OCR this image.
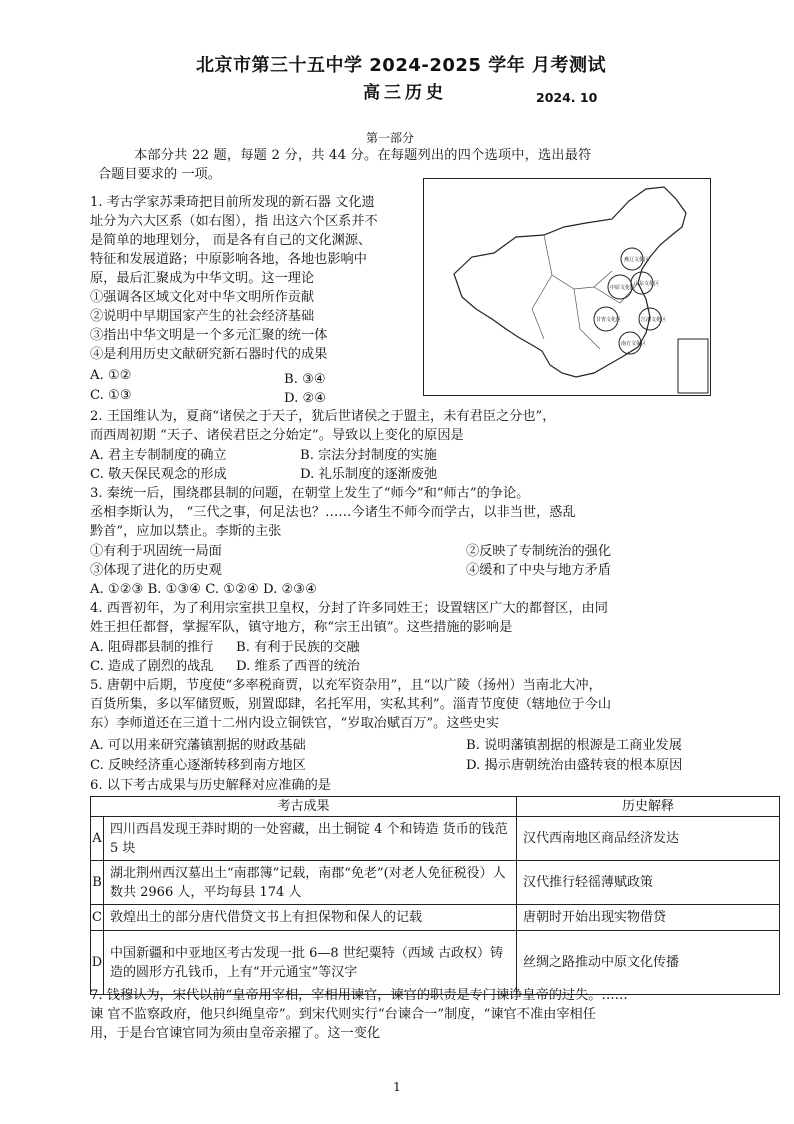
北京市第三十五中学 2024-2025 学年 月考测试
高三历史	2024. 10
第一部分
本部分共 22 题，每题 2 分，共 44 分。在每题列出的四个选项中，选出最符
合题目要求的 一项。
燕辽文化区
山东文化区
中原文化区
江浙文化区
甘青文化区
南方文化区
1. 考古学家苏秉琦把目前所发现的新石器 文化遗
址分为六大区系（如右图），指 出这六个区系并不
是简单的地理划分， 而是各有自己的文化渊源、
特征和发展道路；中原影响各地，各地也影响中
原，最后汇聚成为中华文明。这一理论
①强调各区域文化对中华文明所作贡献
②说明中早期国家产生的社会经济基础
③指出中华文明是一个多元汇聚的统一体
④是利用历史文献研究新石器时代的成果
A. ①②	B. ③④
C. ①③	D. ②④
2. 王国维认为，夏商“诸侯之于天子，犹后世诸侯之于盟主，未有君臣之分也”，
而西周初期 “天子、诸侯君臣之分始定”。导致以上变化的原因是
A. 君主专制制度的确立	B. 宗法分封制度的实施
C. 敬天保民观念的形成	D. 礼乐制度的逐渐废弛
3. 秦统一后，围绕郡县制的问题，在朝堂上发生了“师今”和“师古”的争论。
丞相李斯认为， “三代之事，何足法也？……今诸生不师今而学古，以非当世，惑乱
黔首”，应加以禁止。李斯的主张
①有利于巩固统一局面	②反映了专制统治的强化
③体现了进化的历史观	④缓和了中央与地方矛盾
A. ①②③ B. ①③④ C. ①②④ D. ②③④
4. 西晋初年，为了利用宗室拱卫皇权，分封了许多同姓王；设置辖区广大的都督区，由同
姓王担任都督，掌握军队，镇守地方，称“宗王出镇”。这些措施的影响是
A. 阻碍郡县制的推行 B. 有利于民族的交融
C. 造成了剧烈的战乱 D. 维系了西晋的统治
5. 唐朝中后期，节度使“多率税商贾，以充军资杂用”，且“以广陵（扬州）当南北大冲，
百货所集，多以军储贸贩，别置邸肆，名托军用，实私其利”。淄青节度使（辖地位于今山
东）李师道还在三道十二州内设立铜铁官，“岁取冶赋百万”。这些史实
A. 可以用来研究藩镇割据的财政基础	B. 说明藩镇割据的根源是工商业发展
C. 反映经济重心逐渐转移到南方地区	D. 揭示唐朝统治由盛转衰的根本原因
6. 以下考古成果与历史解释对应准确的是
考古成果		历史解释
A	四川西昌发现王莽时期的一处窖藏，出土铜锭 4 个和铸造 货币的钱范 5 块	汉代西南地区商品经济发达
B	湖北荆州西汉墓出土“南郡簿”记载，南郡“免老”(对老人免征税役）人数共 2966 人，平均每县 174 人	汉代推行轻徭薄赋政策
C	敦煌出土的部分唐代借贷文书上有担保物和保人的记载	唐朝时开始出现实物借贷
D	中国新疆和中亚地区考古发现一批 6—8 世纪粟特（西域 古政权）铸造的圆形方孔钱币，上有“开元通宝”等汉字	丝绸之路推动中原文化传播
7. 钱穆认为，宋代以前“皇帝用宰相，宰相用谏官，谏官的职责是专门谏诤皇帝的过失。……
谏 官不监察政府，他只纠绳皇帝”。到宋代则实行“台谏合一”制度，“谏官不准由宰相任
用，于是台官谏官同为须由皇帝亲擢了。这一变化
1
